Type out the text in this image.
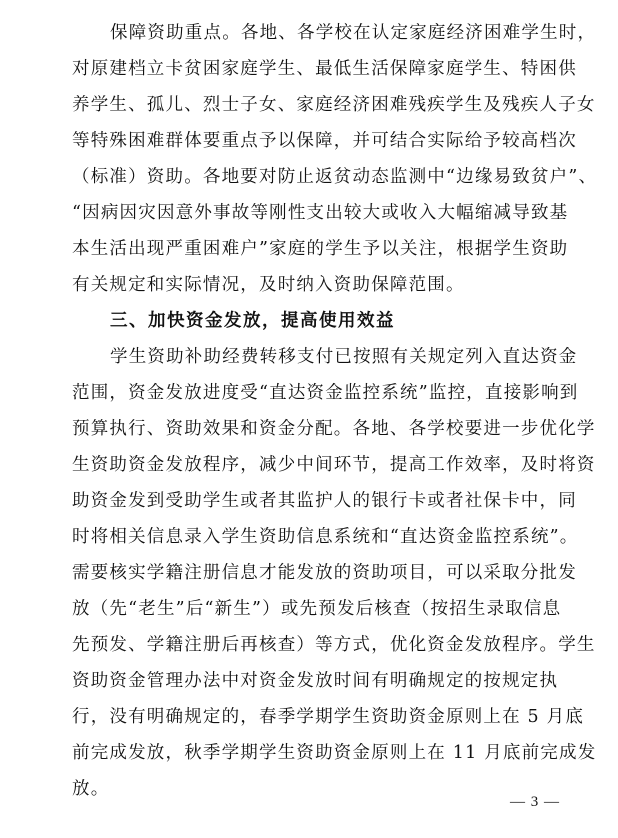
保障资助重点。各地、各学校在认定家庭经济困难学生时，
对原建档立卡贫困家庭学生、最低生活保障家庭学生、特困供
养学生、孤儿、烈士子女、家庭经济困难残疾学生及残疾人子女
等特殊困难群体要重点予以保障，并可结合实际给予较高档次
（标准）资助。各地要对防止返贫动态监测中“边缘易致贫户”、
“因病因灾因意外事故等刚性支出较大或收入大幅缩减导致基
本生活出现严重困难户”家庭的学生予以关注，根据学生资助
有关规定和实际情况，及时纳入资助保障范围。
三、加快资金发放，提高使用效益
学生资助补助经费转移支付已按照有关规定列入直达资金
范围，资金发放进度受“直达资金监控系统”监控，直接影响到
预算执行、资助效果和资金分配。各地、各学校要进一步优化学
生资助资金发放程序，减少中间环节，提高工作效率，及时将资
助资金发到受助学生或者其监护人的银行卡或者社保卡中，同
时将相关信息录入学生资助信息系统和“直达资金监控系统”。
需要核实学籍注册信息才能发放的资助项目，可以采取分批发
放（先“老生”后“新生”）或先预发后核查（按招生录取信息
先预发、学籍注册后再核查）等方式，优化资金发放程序。学生
资助资金管理办法中对资金发放时间有明确规定的按规定执
行，没有明确规定的，春季学期学生资助资金原则上在 5 月底
前完成发放，秋季学期学生资助资金原则上在 11 月底前完成发
放。
— 3 —
